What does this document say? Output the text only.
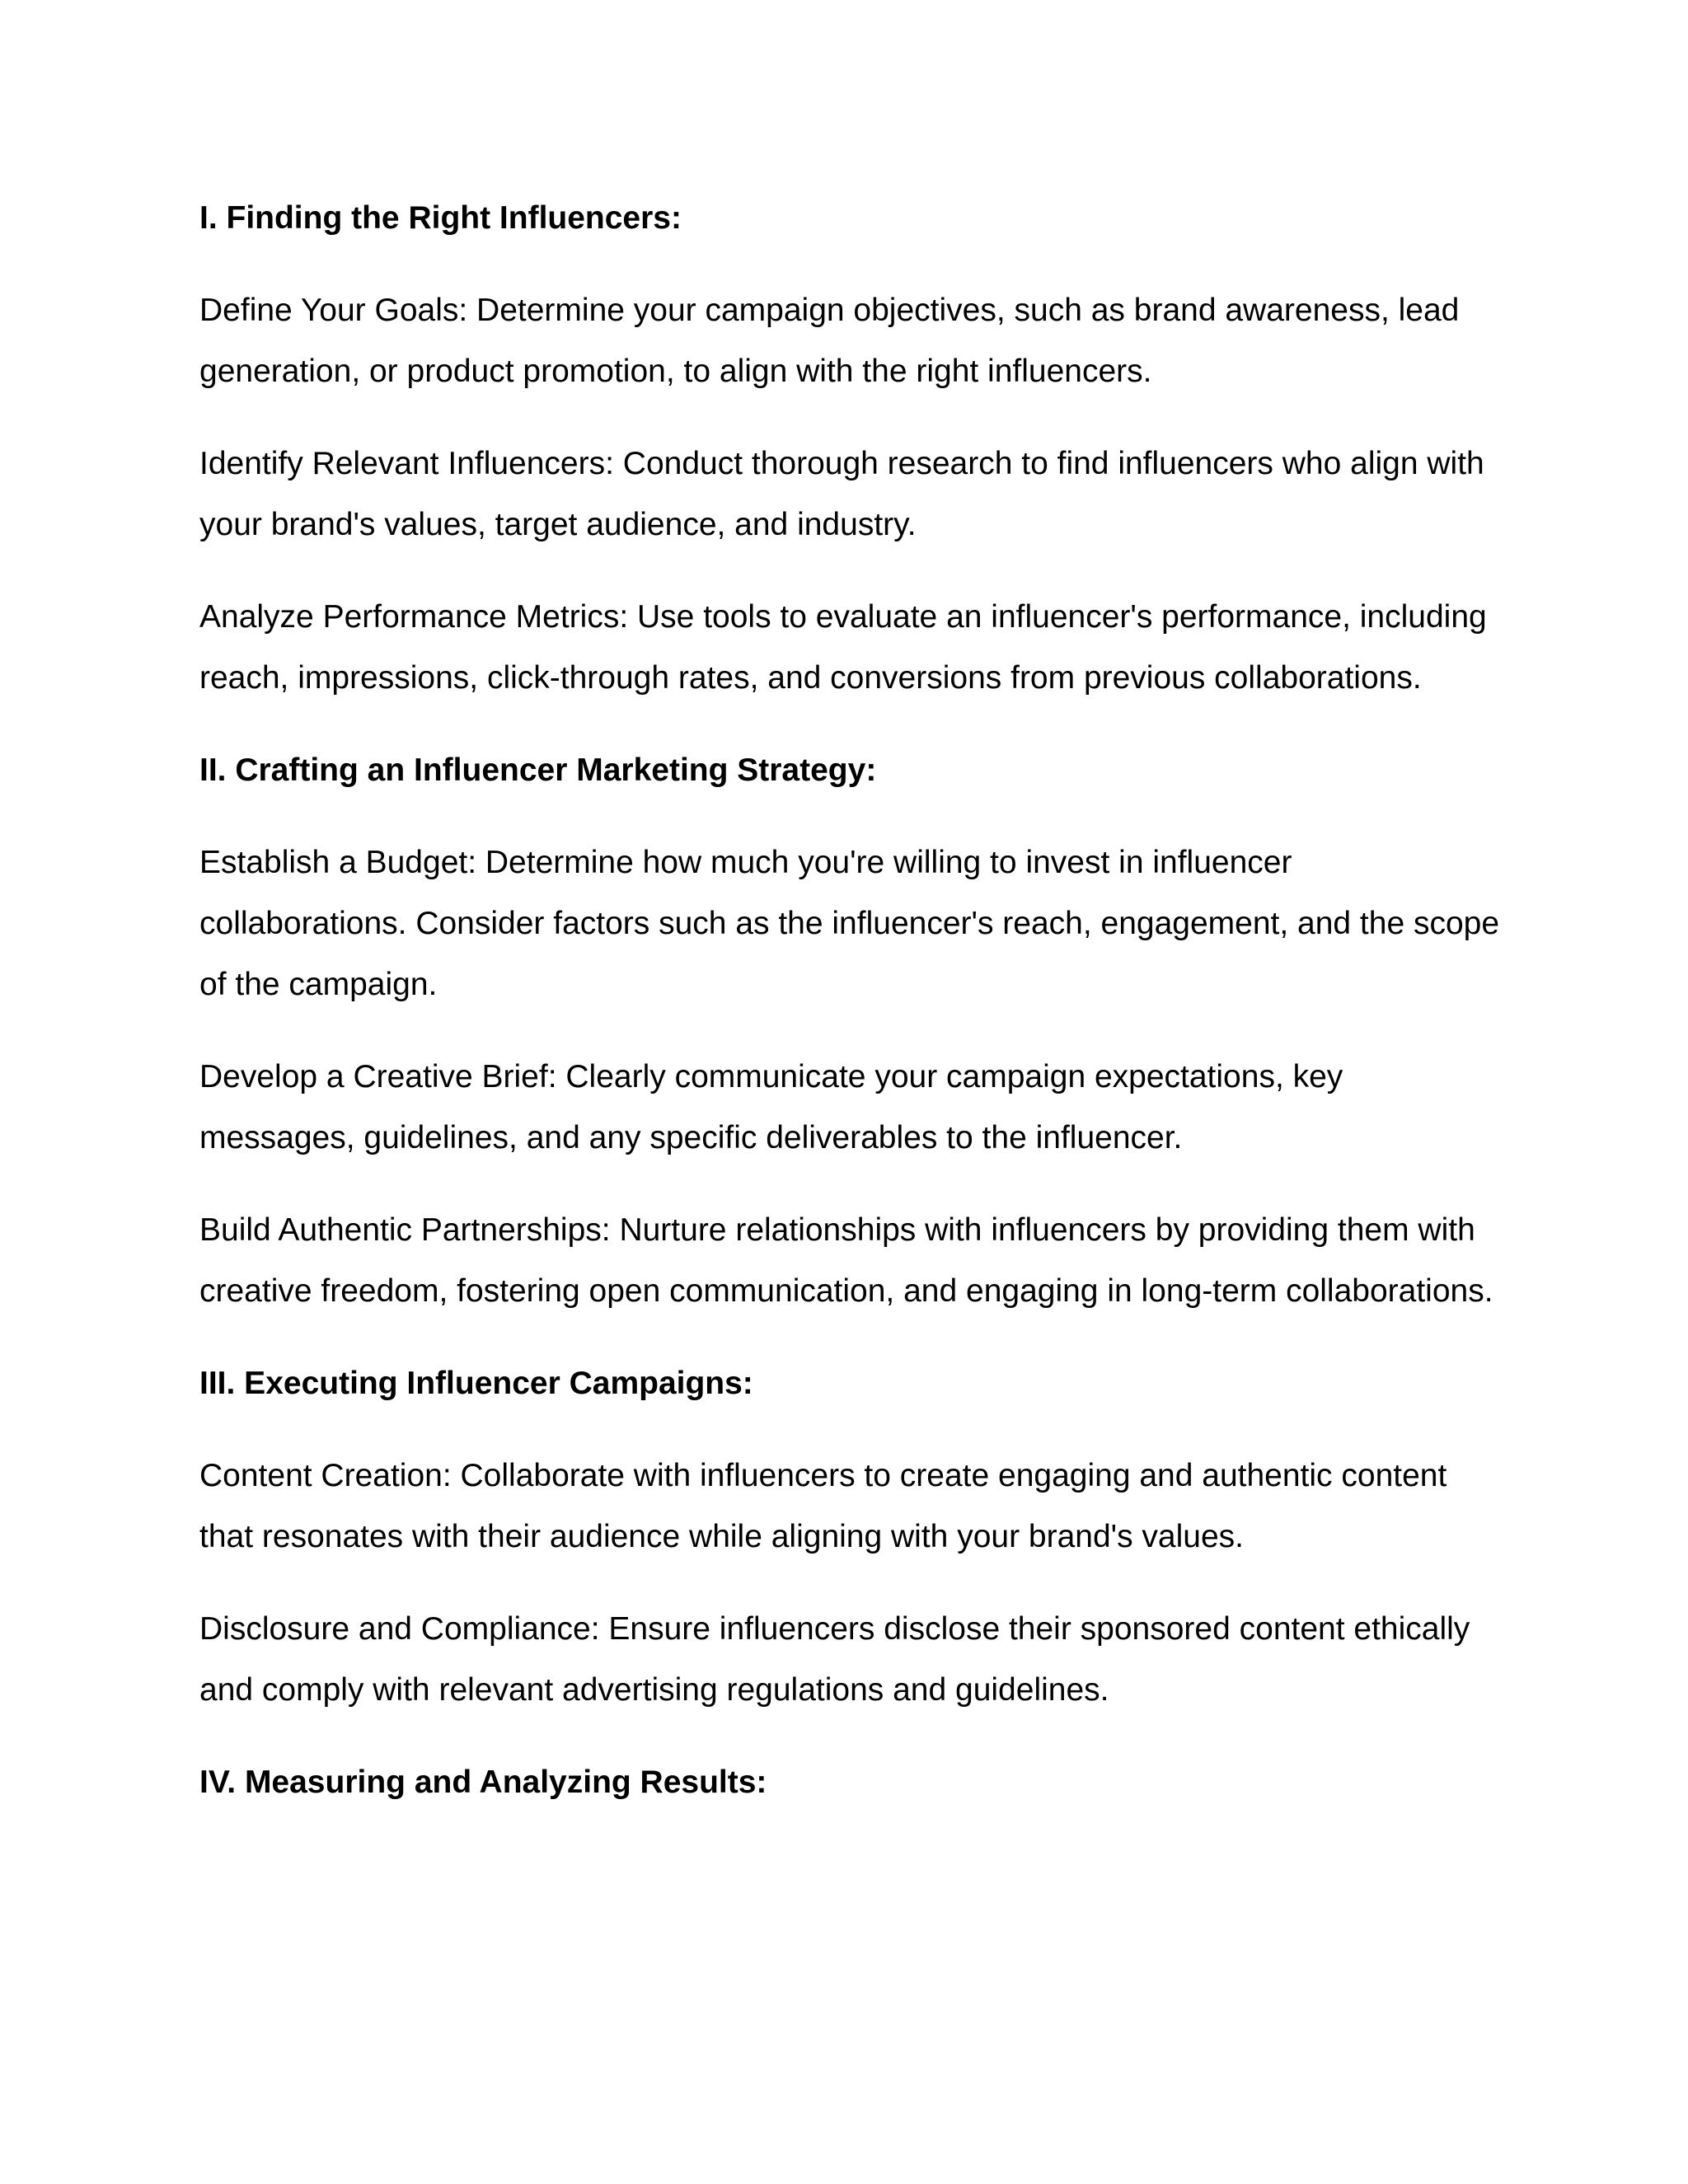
I. Finding the Right Influencers:
Define Your Goals: Determine your campaign objectives, such as brand awareness, lead generation, or product promotion, to align with the right influencers.
Identify Relevant Influencers: Conduct thorough research to find influencers who align with your brand's values, target audience, and industry.
Analyze Performance Metrics: Use tools to evaluate an influencer's performance, including reach, impressions, click-through rates, and conversions from previous collaborations.
II. Crafting an Influencer Marketing Strategy:
Establish a Budget: Determine how much you're willing to invest in influencer collaborations. Consider factors such as the influencer's reach, engagement, and the scope of the campaign.
Develop a Creative Brief: Clearly communicate your campaign expectations, key messages, guidelines, and any specific deliverables to the influencer.
Build Authentic Partnerships: Nurture relationships with influencers by providing them with creative freedom, fostering open communication, and engaging in long-term collaborations.
III. Executing Influencer Campaigns:
Content Creation: Collaborate with influencers to create engaging and authentic content that resonates with their audience while aligning with your brand's values.
Disclosure and Compliance: Ensure influencers disclose their sponsored content ethically and comply with relevant advertising regulations and guidelines.
IV. Measuring and Analyzing Results:
